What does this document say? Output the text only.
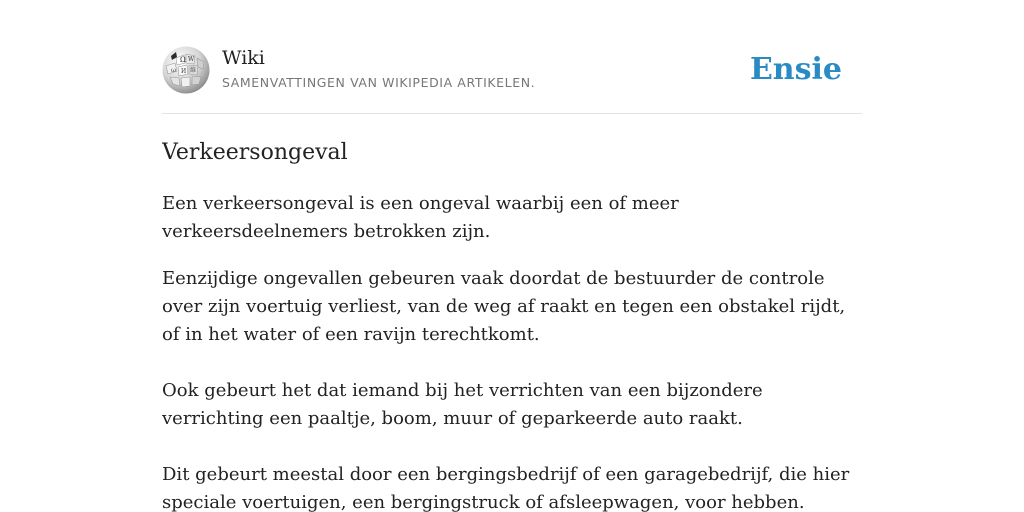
Ω W
И 維
ω
Wiki
SAMENVATTINGEN VAN WIKIPEDIA ARTIKELEN.	Ensie
Verkeersongeval

Een verkeersongeval is een ongeval waarbij een of meer verkeersdeelnemers betrokken zijn.

Eenzijdige ongevallen gebeuren vaak doordat de bestuurder de controle over zijn voertuig verliest, van de weg af raakt en tegen een obstakel rijdt, of in het water of een ravijn terechtkomt.

Ook gebeurt het dat iemand bij het verrichten van een bijzondere verrichting een paaltje, boom, muur of geparkeerde auto raakt.

Dit gebeurt meestal door een bergingsbedrijf of een garagebedrijf, die hier speciale voertuigen, een bergingstruck of afsleepwagen, voor hebben.
